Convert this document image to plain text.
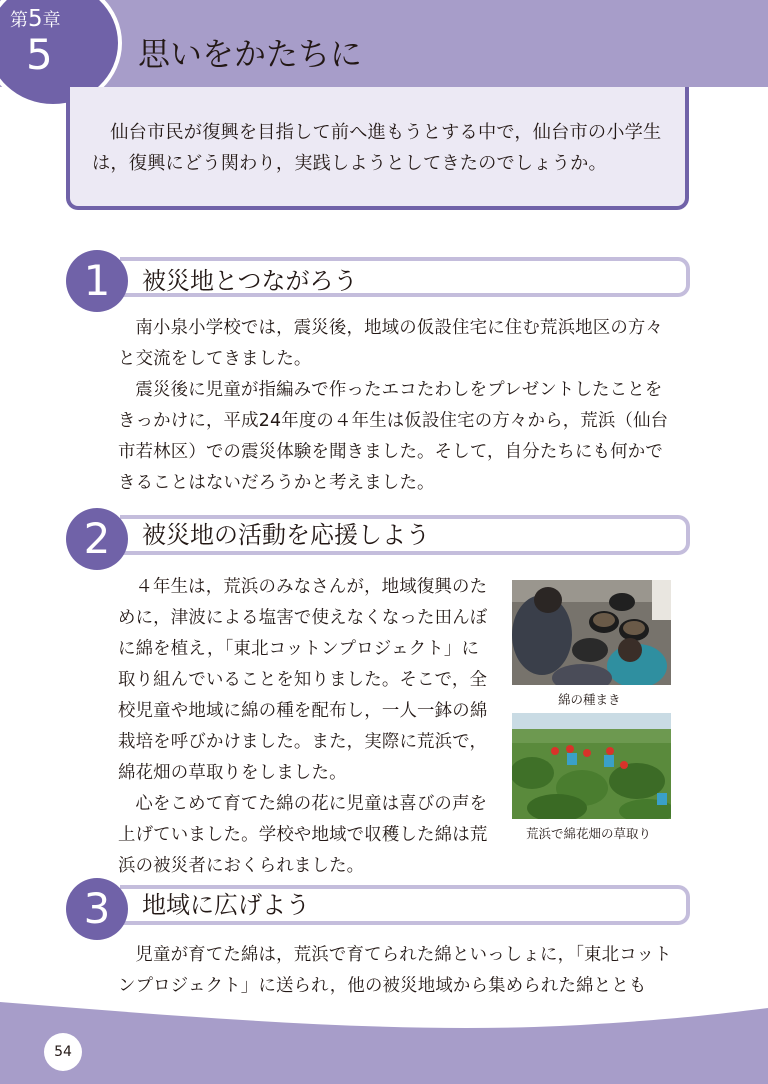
第5章
5	思いをかたちに

仙台市民が復興を目指して前へ進もうとする中で，仙台市の小学生は，復興にどう関わり，実践しようとしてきたのでしょうか。

1	被災地とつながろう

南小泉小学校では，震災後，地域の仮設住宅に住む荒浜地区の方々と交流をしてきました。

震災後に児童が指編みで作ったエコたわしをプレゼントしたことをきっかけに，平成24年度の４年生は仮設住宅の方々から，荒浜（仙台市若林区）での震災体験を聞きました。そして，自分たちにも何かできることはないだろうかと考えました。

2	被災地の活動を応援しよう

４年生は，荒浜のみなさんが，地域復興のために，津波による塩害で使えなくなった田んぼに綿を植え，「東北コットンプロジェクト」に取り組んでいることを知りました。そこで，全校児童や地域に綿の種を配布し，一人一鉢の綿栽培を呼びかけました。また，実際に荒浜で，綿花畑の草取りをしました。

心をこめて育てた綿の花に児童は喜びの声を上げていました。学校や地域で収穫した綿は荒浜の被災者におくられました。

綿の種まき
荒浜で綿花畑の草取り
3	地域に広げよう

児童が育てた綿は，荒浜で育てられた綿といっしょに，「東北コットンプロジェクト」に送られ，他の被災地域から集められた綿ととも

54
